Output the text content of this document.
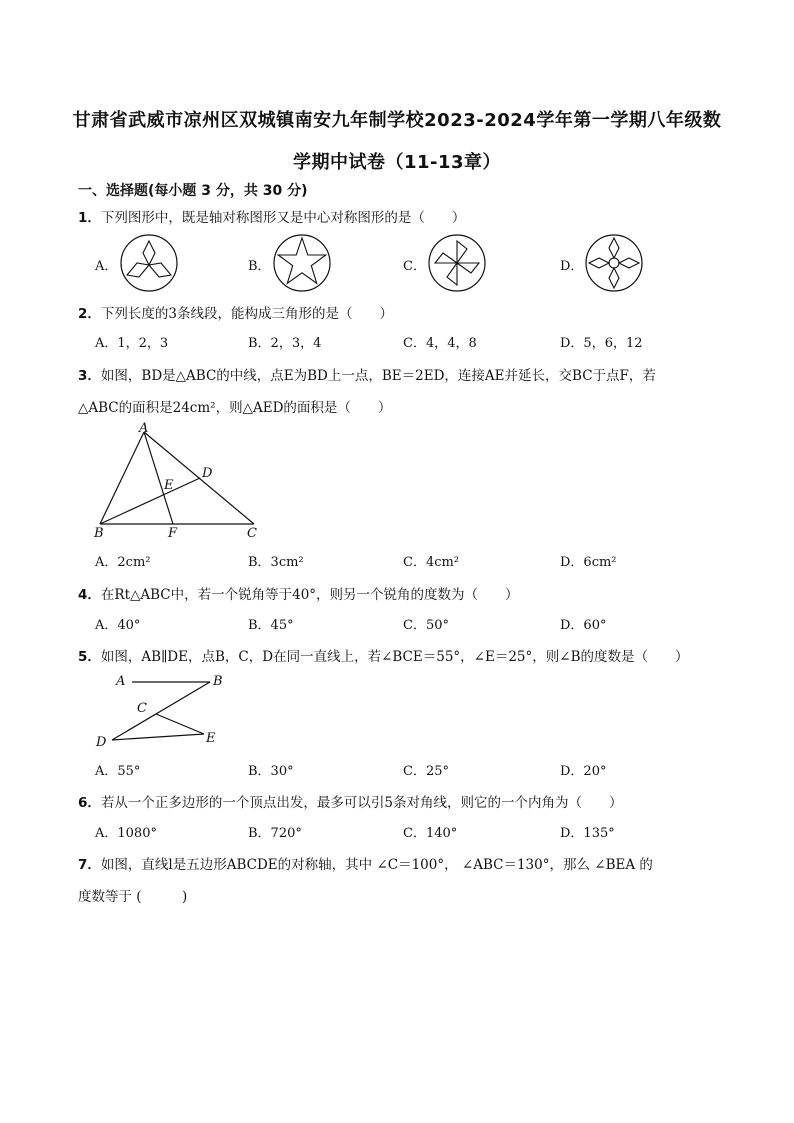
甘肃省武威市凉州区双城镇南安九年制学校2023-2024学年第一学期八年级数
学期中试卷（11-13章）
一、选择题(每小题 3 分，共 30 分)
1．下列图形中，既是轴对称图形又是中心对称图形的是（　　）
A．	B．	C．	D．
2．下列长度的3条线段，能构成三角形的是（　　）
A．1，2，3	B．2，3，4	C．4，4，8	D．5，6，12
3．如图，BD是△ABC的中线，点E为BD上一点，BE＝2ED，连接AE并延长，交BC于点F，若
△ABC的面积是24cm²，则△AED的面积是（　　）
A
B	C
D
E
F
A．2cm²	B．3cm²	C．4cm²	D．6cm²
4．在Rt△ABC中，若一个锐角等于40°，则另一个锐角的度数为（　　）
A．40°	B．45°	C．50°	D．60°
5．如图，AB∥DE，点B，C，D在同一直线上，若∠BCE＝55°，∠E＝25°，则∠B的度数是（　　）
A	B
C
D	E
A．55°	B．30°	C．25°	D．20°
6．若从一个正多边形的一个顶点出发，最多可以引5条对角线，则它的一个内角为（　　）
A．1080°	B．720°	C．140°	D．135°
7．如图，直线l是五边形ABCDE的对称轴，其中 ∠C＝100°， ∠ABC＝130°，那么 ∠BEA 的
度数等于 (　　　)
